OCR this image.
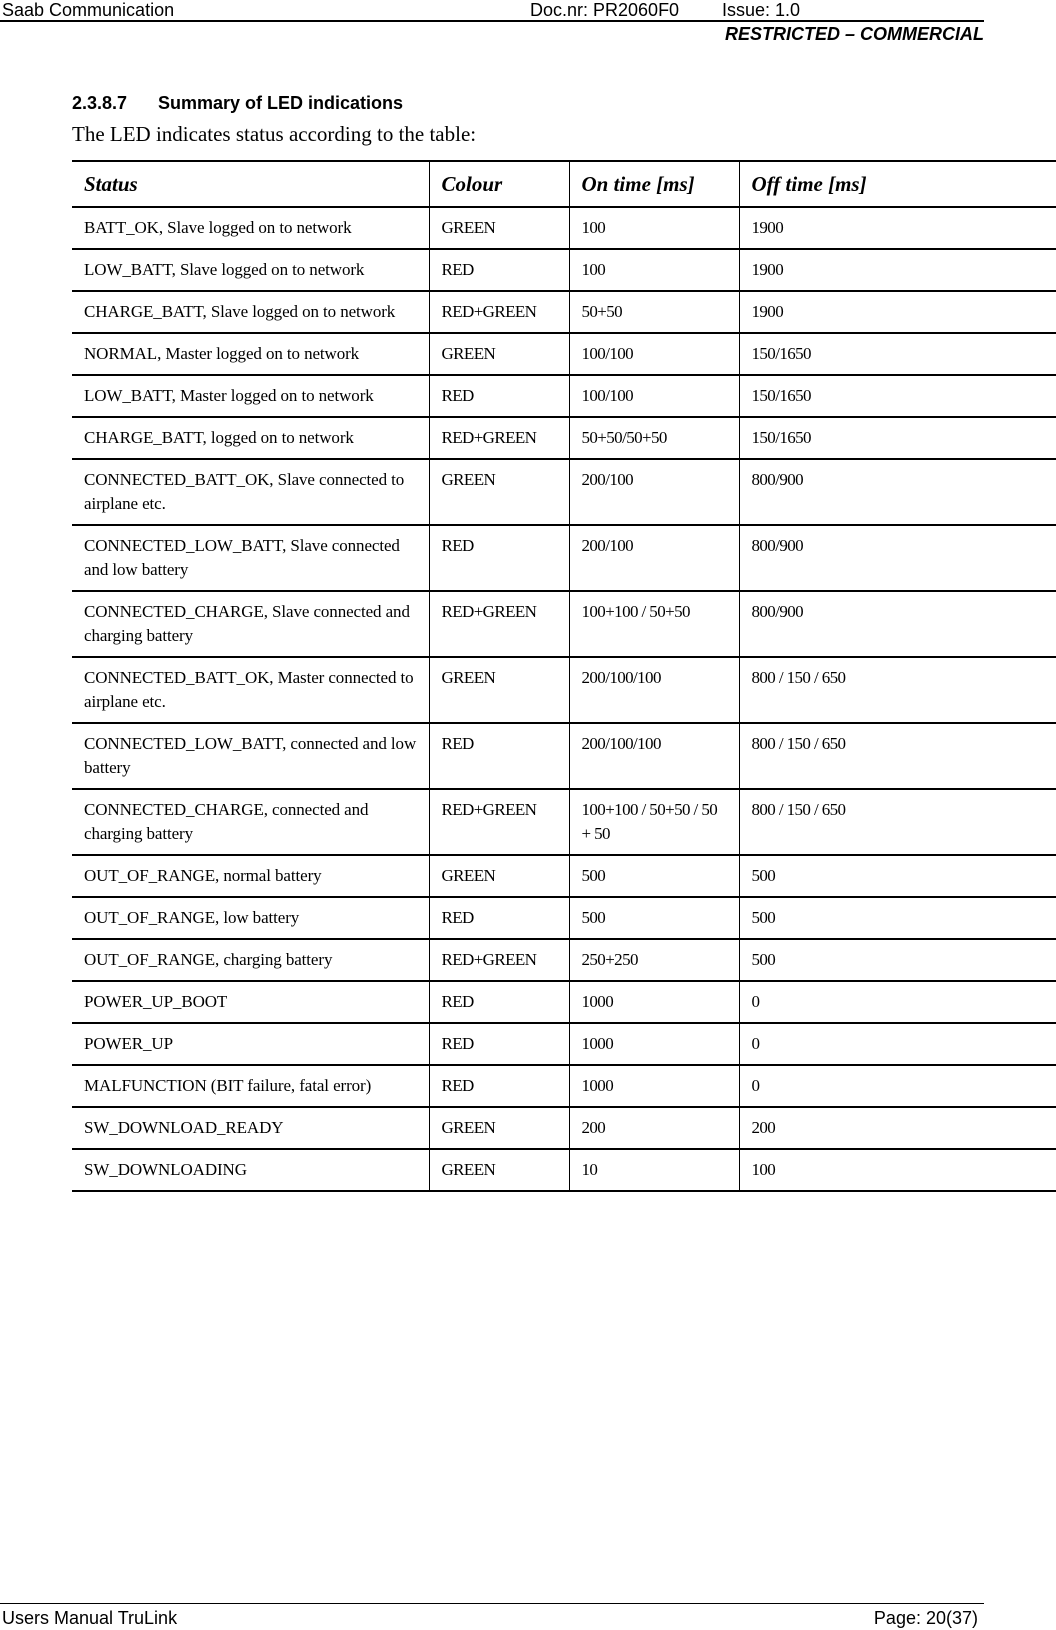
Saab Communication	Doc.nr: PR2060F0 Issue: 1.0
RESTRICTED – COMMERCIAL
2.3.8.7 Summary of LED indications
The LED indicates status according to the table:
Status	Colour	On time [ms]	Off time [ms]
BATT_OK, Slave logged on to network	GREEN	100	1900
LOW_BATT, Slave logged on to network	RED	100	1900
CHARGE_BATT, Slave logged on to network	RED+GREEN	50+50	1900
NORMAL, Master logged on to network	GREEN	100/100	150/1650
LOW_BATT, Master logged on to network	RED	100/100	150/1650
CHARGE_BATT, logged on to network	RED+GREEN	50+50/50+50	150/1650
CONNECTED_BATT_OK, Slave connected to airplane etc.	GREEN	200/100	800/900
CONNECTED_LOW_BATT, Slave connected and low battery	RED	200/100	800/900
CONNECTED_CHARGE, Slave connected and charging battery	RED+GREEN	100+100 / 50+50	800/900
CONNECTED_BATT_OK, Master connected to airplane etc.	GREEN	200/100/100	800 / 150 / 650
CONNECTED_LOW_BATT, connected and low battery	RED	200/100/100	800 / 150 / 650
CONNECTED_CHARGE, connected and charging battery	RED+GREEN	100+100 / 50+50 / 50 + 50	800 / 150 / 650
OUT_OF_RANGE, normal battery	GREEN	500	500
OUT_OF_RANGE, low battery	RED	500	500
OUT_OF_RANGE, charging battery	RED+GREEN	250+250	500
POWER_UP_BOOT	RED	1000	0
POWER_UP	RED	1000	0
MALFUNCTION (BIT failure, fatal error)	RED	1000	0
SW_DOWNLOAD_READY	GREEN	200	200
SW_DOWNLOADING	GREEN	10	100
Users Manual TruLink	Page: 20(37)
